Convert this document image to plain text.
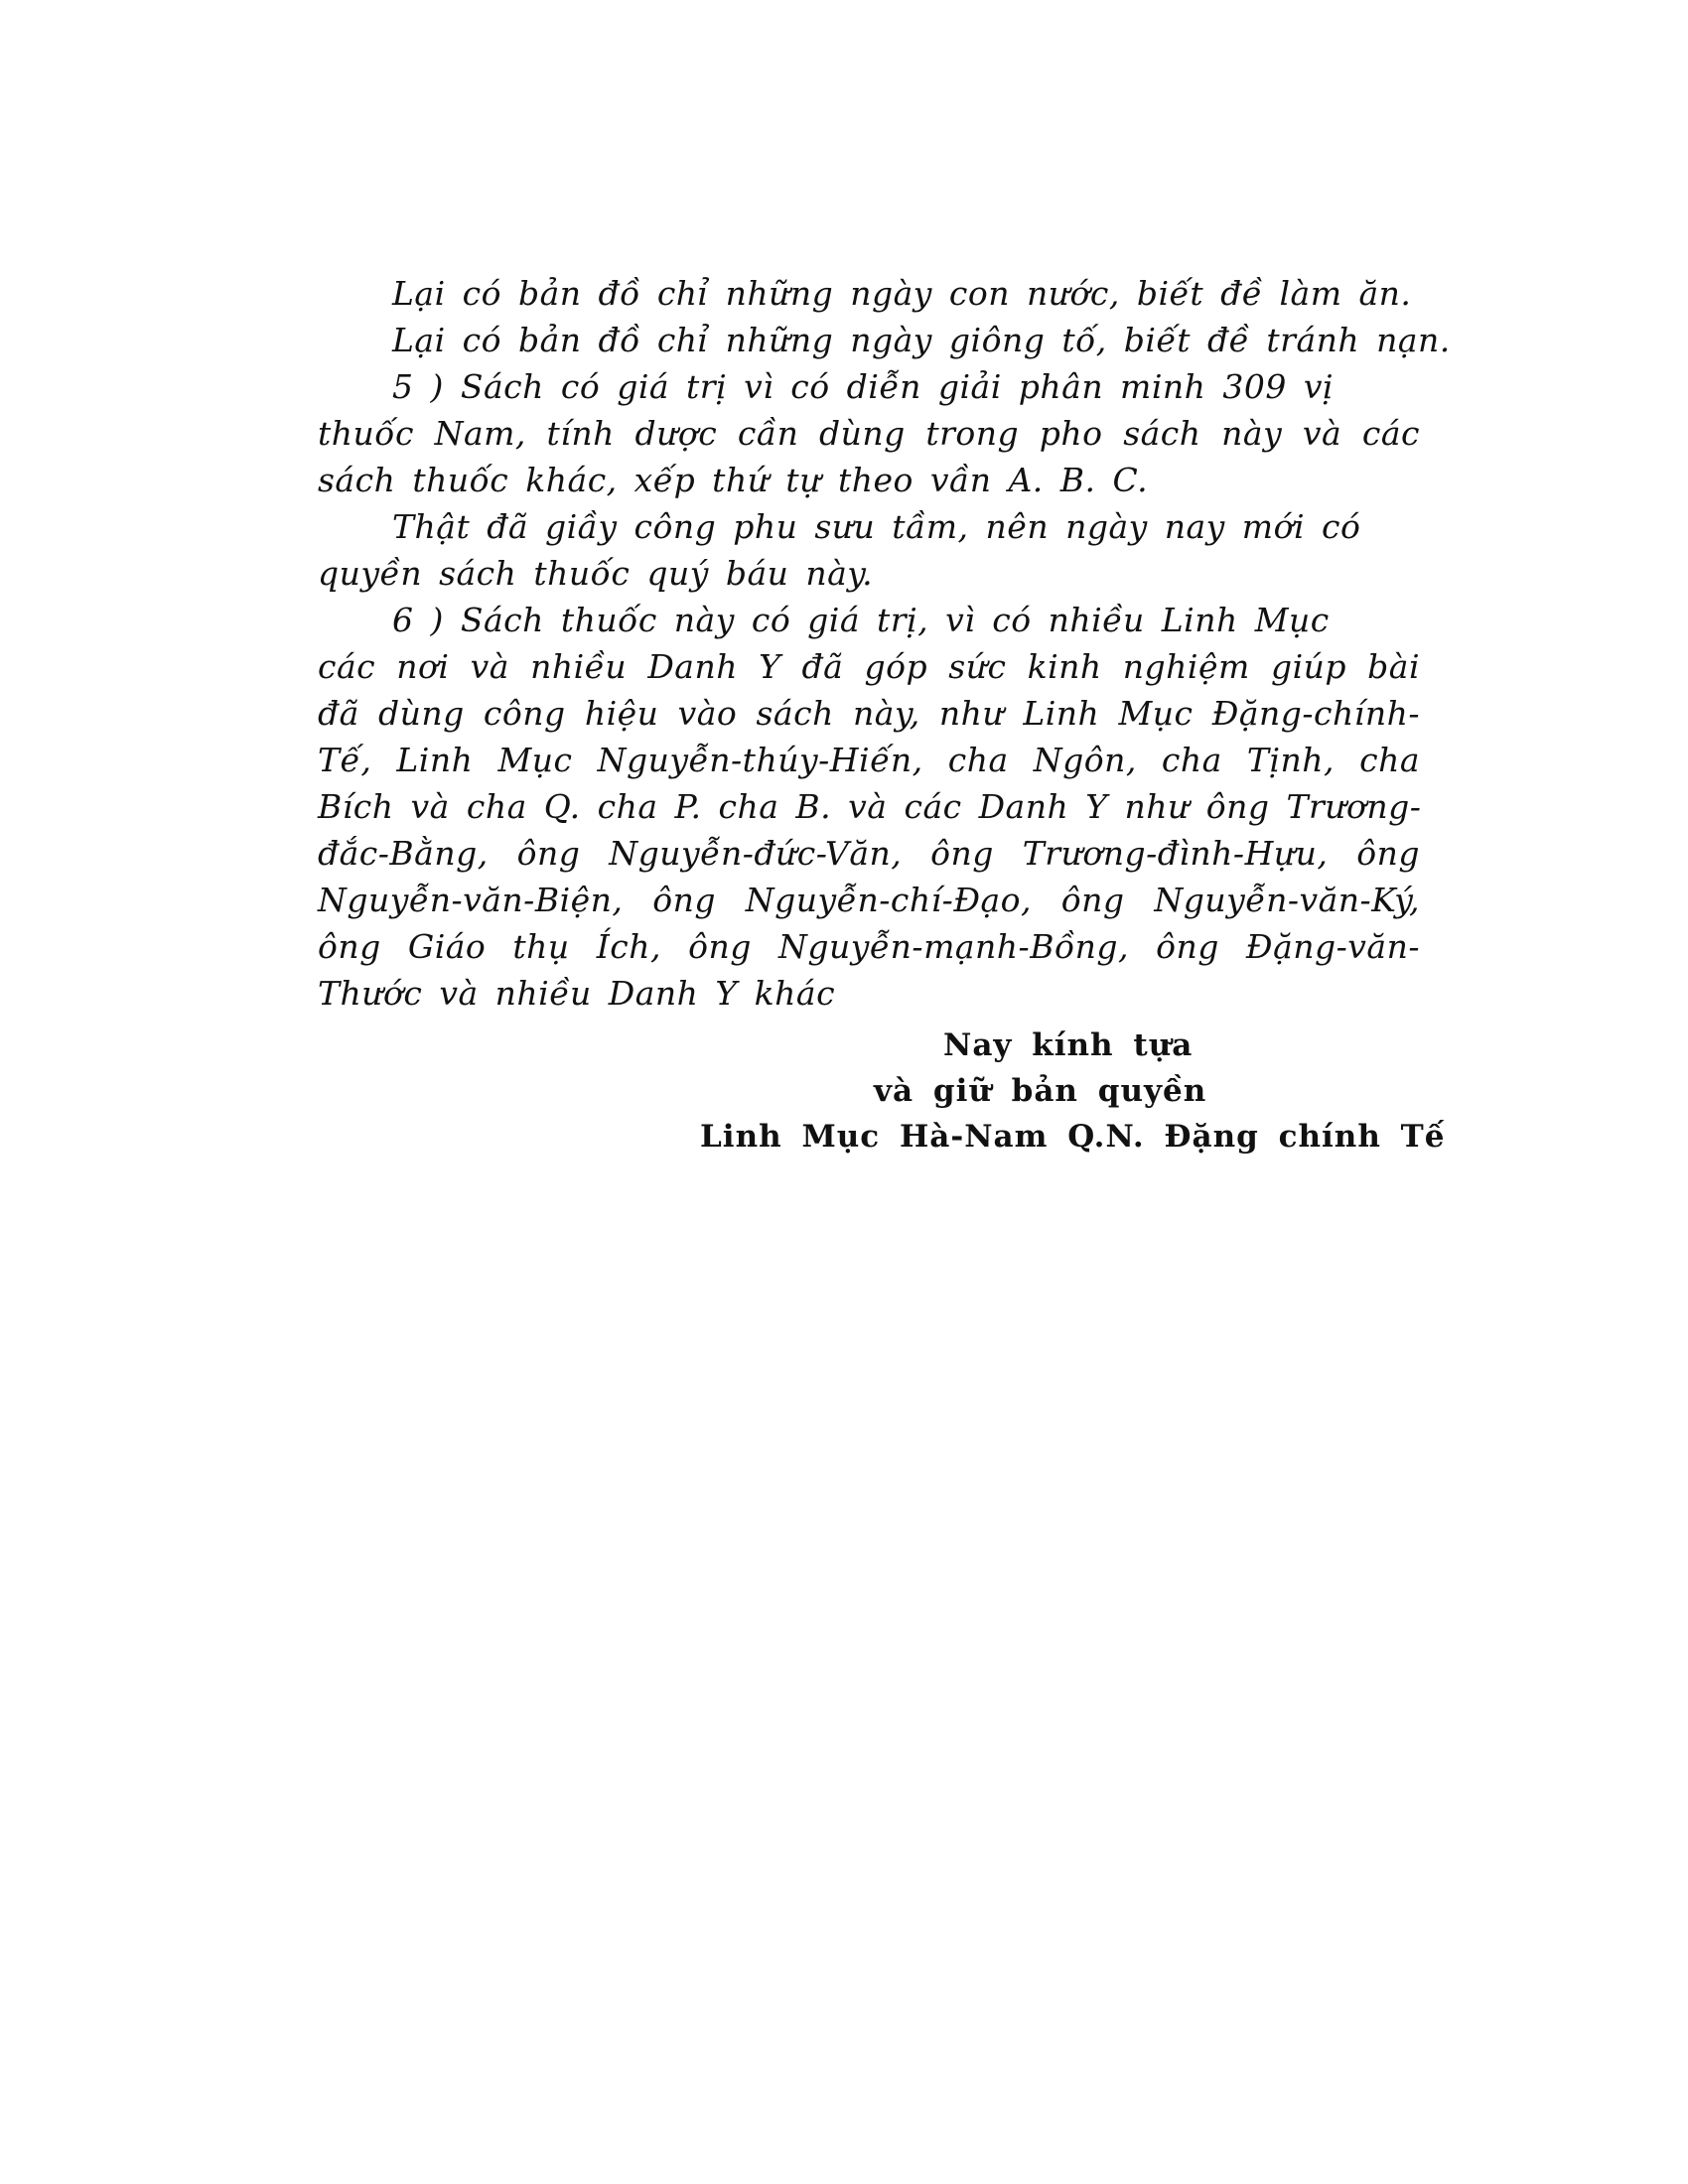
Lại có bản đồ chỉ những ngày con nước, biết đề làm ăn.
Lại có bản đồ chỉ những ngày giông tố, biết đề tránh nạn.
5 ) Sách có giá trị vì có diễn giải phân minh 309 vị
thuốc Nam, tính dược cần dùng trong pho sách này và các
sách thuốc khác, xếp thứ tự theo vần A. B. C.
Thật đã giầy công phu sưu tầm, nên ngày nay mới có
quyền sách thuốc quý báu này.
6 ) Sách thuốc này có giá trị, vì có nhiều Linh Mục
các nơi và nhiều Danh Y đã góp sức kinh nghiệm giúp bài
đã dùng công hiệu vào sách này, như Linh Mục Đặng-chính-
Tế, Linh Mục Nguyễn-thúy-Hiến, cha Ngôn, cha Tịnh, cha
Bích và cha Q. cha P. cha B. và các Danh Y như ông Trương-
đắc-Bằng, ông Nguyễn-đức-Văn, ông Trương-đình-Hựu, ông
Nguyễn-văn-Biện, ông Nguyễn-chí-Đạo, ông Nguyễn-văn-Ký,
ông Giáo thụ Ích, ông Nguyễn-mạnh-Bồng, ông Đặng-văn-
Thước và nhiều Danh Y khác
Nay kính tựa
và giữ bản quyền
Linh Mục Hà-Nam Q.N. Đặng chính Tế
